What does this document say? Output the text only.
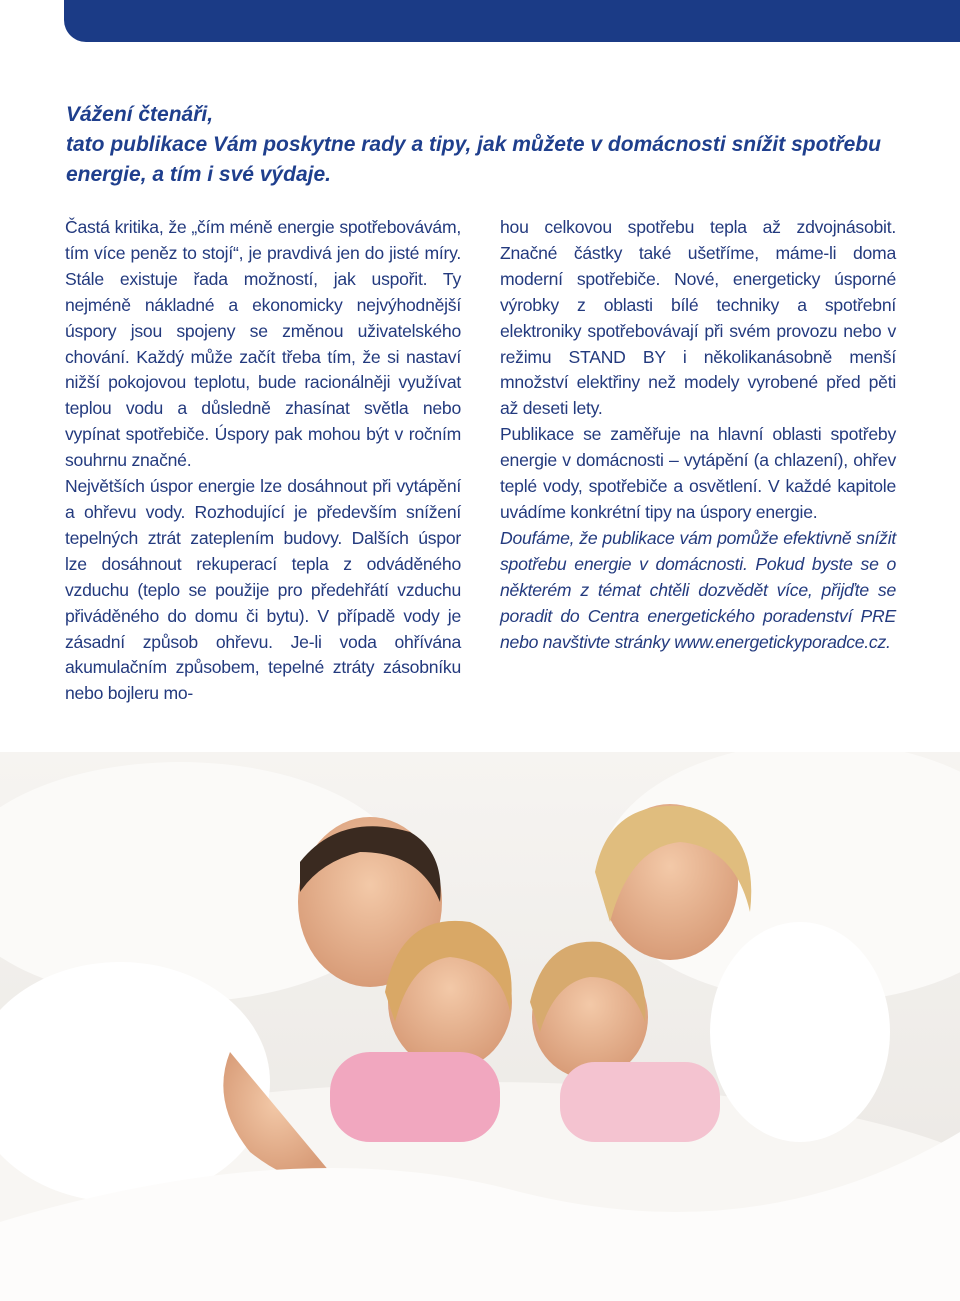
Vážení čtenáři,
tato publikace Vám poskytne rady a tipy, jak můžete v domácnosti snížit spotřebu
energie, a tím i své výdaje.

Častá kritika, že „čím méně energie spotřebovávám, tím více peněz to stojí“, je pravdivá jen do jisté míry. Stále existuje řada možností, jak uspořit. Ty nejméně nákladné a ekonomicky nejvýhodnější úspory jsou spojeny se změnou uživatelského chování. Každý může začít třeba tím, že si nastaví nižší pokojovou teplotu, bude racionálněji využívat teplou vodu a důsledně zhasínat světla nebo vypínat spotřebiče. Úspory pak mohou být v ročním souhrnu značné.

Největších úspor energie lze dosáhnout při vytápění a ohřevu vody. Rozhodující je především snížení tepelných ztrát zateplením budovy. Dalších úspor lze dosáhnout rekuperací tepla z odváděného vzduchu (teplo se použije pro předehřátí vzduchu přiváděného do domu či bytu). V případě vody je zásadní způsob ohřevu. Je-li voda ohřívána akumulačním způsobem, tepelné ztráty zásobníku nebo bojleru mo-

hou celkovou spotřebu tepla až zdvojnásobit. Značné částky také ušetříme, máme-li doma moderní spotřebiče. Nové, energeticky úsporné výrobky z oblasti bílé techniky a spotřební elektroniky spotřebovávají při svém provozu nebo v režimu STAND BY i několikanásobně menší množství elektřiny než modely vyrobené před pěti až deseti lety.

Publikace se zaměřuje na hlavní oblasti spotřeby energie v domácnosti – vytápění (a chlazení), ohřev teplé vody, spotřebiče a osvětlení. V každé kapitole uvádíme konkrétní tipy na úspory energie.

Doufáme, že publikace vám pomůže efektivně snížit spotřebu energie v domácnosti. Pokud byste se o některém z témat chtěli dozvědět více, přijďte se poradit do Centra energetického poradenství PRE nebo navštivte stránky www.energetickyporadce.cz.
